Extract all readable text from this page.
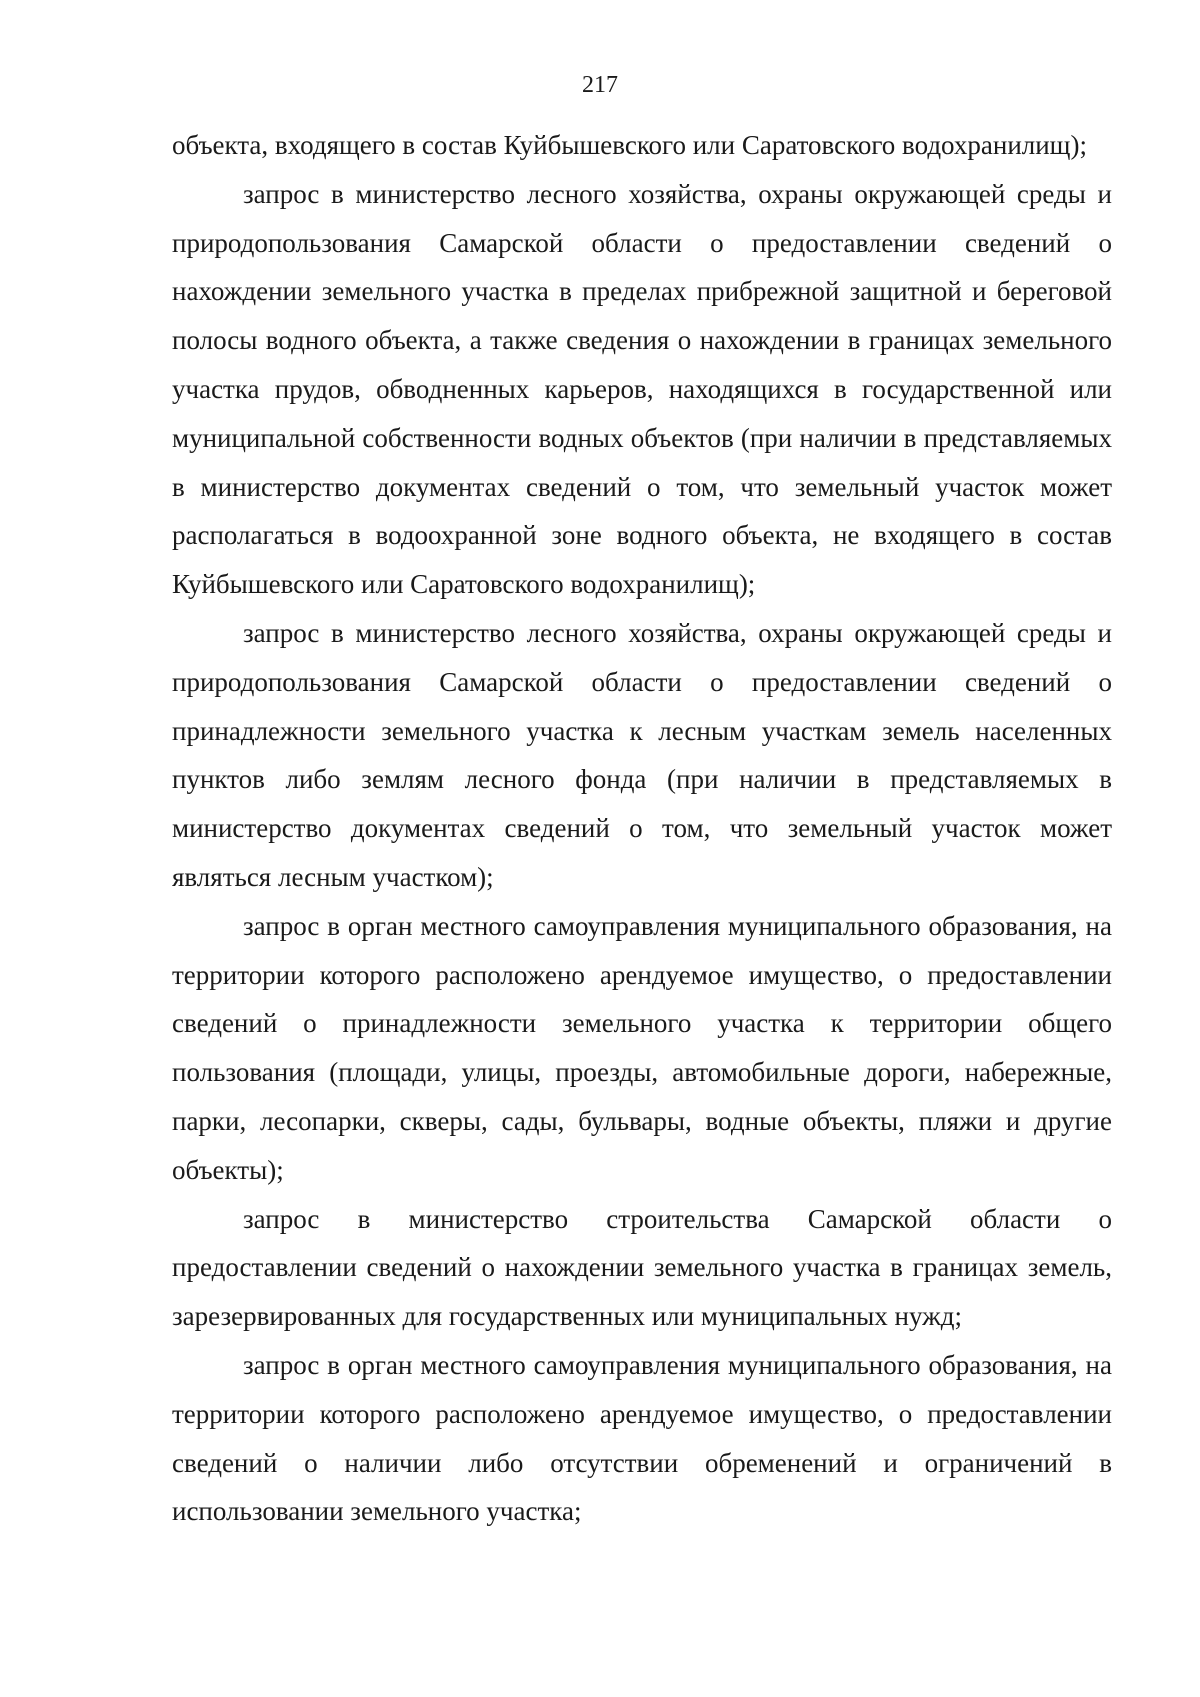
217

объекта, входящего в состав Куйбышевского или Саратовского водохранилищ);

запрос в министерство лесного хозяйства, охраны окружающей среды и природопользования Самарской области о предоставлении сведений о нахождении земельного участка в пределах прибрежной защитной и береговой полосы водного объекта, а также сведения о нахождении в границах земельного участка прудов, обводненных карьеров, находящихся в государственной или муниципальной собственности водных объектов (при наличии в представляемых в министерство документах сведений о том, что земельный участок может располагаться в водоохранной зоне водного объекта, не входящего в состав Куйбышевского или Саратовского водохранилищ);

запрос в министерство лесного хозяйства, охраны окружающей среды и природопользования Самарской области о предоставлении сведений о принадлежности земельного участка к лесным участкам земель населенных пунктов либо землям лесного фонда (при наличии в представляемых в министерство документах сведений о том, что земельный участок может являться лесным участком);

запрос в орган местного самоуправления муниципального образования, на территории которого расположено арендуемое имущество, о предоставлении сведений о принадлежности земельного участка к территории общего пользования (площади, улицы, проезды, автомобильные дороги, набережные, парки, лесопарки, скверы, сады, бульвары, водные объекты, пляжи и другие объекты);

запрос в министерство строительства Самарской области о предоставлении сведений о нахождении земельного участка в границах земель, зарезервированных для государственных или муниципальных нужд;

запрос в орган местного самоуправления муниципального образования, на территории которого расположено арендуемое имущество, о предоставлении сведений о наличии либо отсутствии обременений и ограничений в использовании земельного участка;
